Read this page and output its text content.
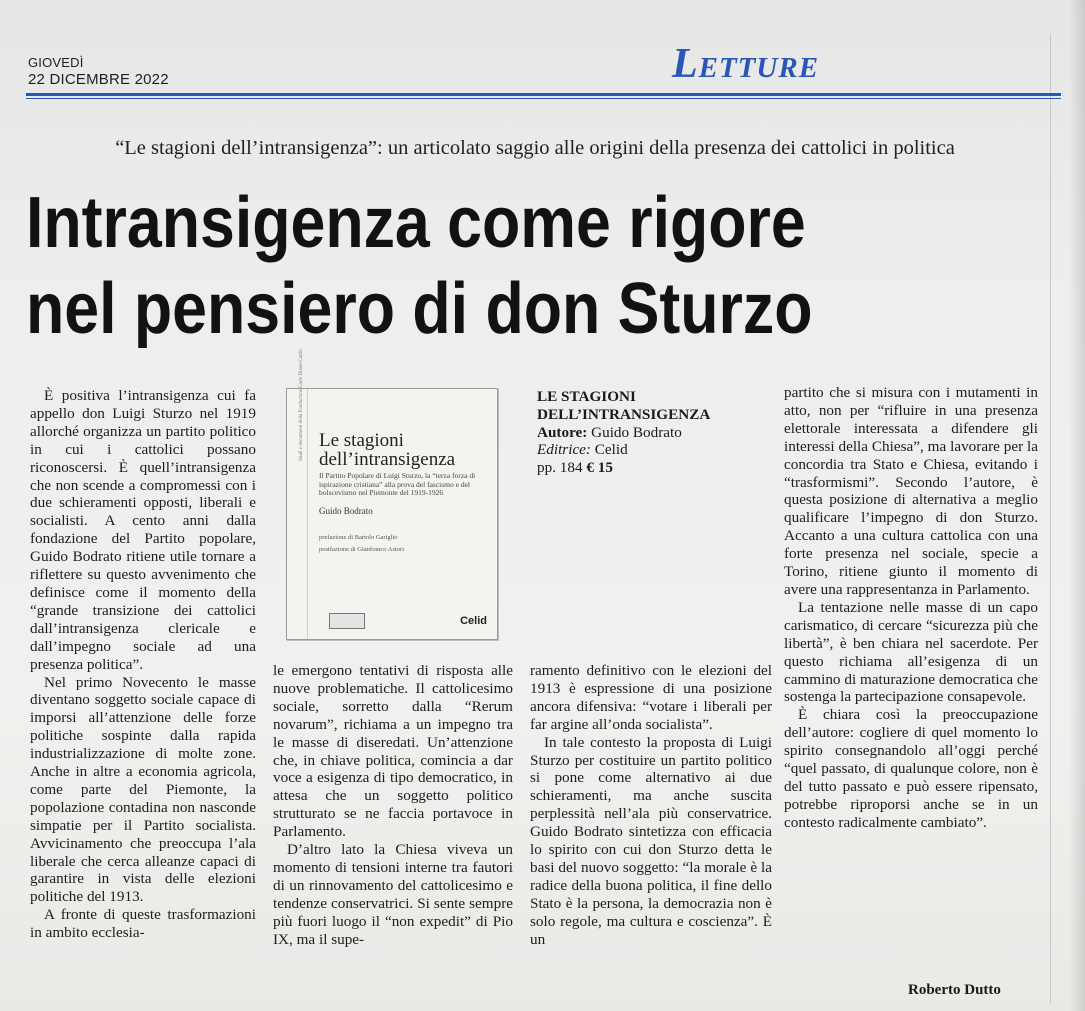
GIOVEDÌ
22 DICEMBRE 2022	Letture
“Le stagioni dell’intransigenza”: un articolato saggio alle origini della presenza dei cattolici in politica
Intransigenza come rigore
nel pensiero di don Sturzo

È positiva l’intransigenza cui fa appello don Luigi Sturzo nel 1919 allorché organizza un partito politico in cui i cattolici possano riconoscersi. È quell’intransigenza che non scende a compromessi con i due schieramenti opposti, liberali e socialisti. A cento anni dalla fondazione del Partito popolare, Guido Bodrato ritiene utile tornare a riflettere su questo avvenimento che definisce come il momento della “grande transizione dei cattolici dall’intransigenza clericale e dall’impegno sociale ad una presenza politica”.

Nel primo Novecento le masse diventano soggetto sociale capace di imporsi all’attenzione delle forze politiche sospinte dalla rapida industrializzazione di molte zone. Anche in altre a economia agricola, come parte del Piemonte, la popolazione contadina non nasconde simpatie per il Partito socialista. Avvicinamento che preoccupa l’ala liberale che cerca alleanze capaci di garantire in vista delle elezioni politiche del 1913.

A fronte di queste trasformazioni in ambito ecclesia-

Studi e documenti della Fondazione Carlo Donat-Cattin Le stagioni dell’intransigenza
Il Partito Popolare di Luigi Sturzo, la “terza forza di ispirazione cristiana” alla prova del fascismo e del bolscevismo nel Piemonte del 1919-1926
Guido Bodrato
prefazione di Bartolo Gariglio
postfazione di Gianfranco Astori
Celid
LE STAGIONI
DELL’INTRANSIGENZA
Autore: Guido Bodrato
Editrice: Celid
pp. 184 € 15

le emergono tentativi di risposta alle nuove problematiche. Il cattolicesimo sociale, sorretto dalla “Rerum novarum”, richiama a un impegno tra le masse di diseredati. Un’attenzione che, in chiave politica, comincia a dar voce a esigenza di tipo democratico, in attesa che un soggetto politico strutturato se ne faccia portavoce in Parlamento.

D’altro lato la Chiesa viveva un momento di tensioni interne tra fautori di un rinnovamento del cattolicesimo e tendenze conservatrici. Si sente sempre più fuori luogo il “non expedit” di Pio IX, ma il supe-

ramento definitivo con le elezioni del 1913 è espressione di una posizione ancora difensiva: “votare i liberali per far argine all’onda socialista”.

In tale contesto la proposta di Luigi Sturzo per costituire un partito politico si pone come alternativo ai due schieramenti, ma anche suscita perplessità nell’ala più conservatrice. Guido Bodrato sintetizza con efficacia lo spirito con cui don Sturzo detta le basi del nuovo soggetto: “la morale è la radice della buona politica, il fine dello Stato è la persona, la democrazia non è solo regole, ma cultura e coscienza”. È un

partito che si misura con i mutamenti in atto, non per “rifluire in una presenza elettorale interessata a difendere gli interessi della Chiesa”, ma lavorare per la concordia tra Stato e Chiesa, evitando i “trasformismi”. Secondo l’autore, è questa posizione di alternativa a meglio qualificare l’impegno di don Sturzo. Accanto a una cultura cattolica con una forte presenza nel sociale, specie a Torino, ritiene giunto il momento di avere una rappresentanza in Parlamento.

La tentazione nelle masse di un capo carismatico, di cercare “sicurezza più che libertà”, è ben chiara nel sacerdote. Per questo richiama all’esigenza di un cammino di maturazione democratica che sostenga la partecipazione consapevole.

È chiara così la preoccupazione dell’autore: cogliere di quel momento lo spirito consegnandolo all’oggi perché “quel passato, di qualunque colore, non è del tutto passato e può essere ripensato, potrebbe riproporsi anche se in un contesto radicalmente cambiato”.

Roberto Dutto
